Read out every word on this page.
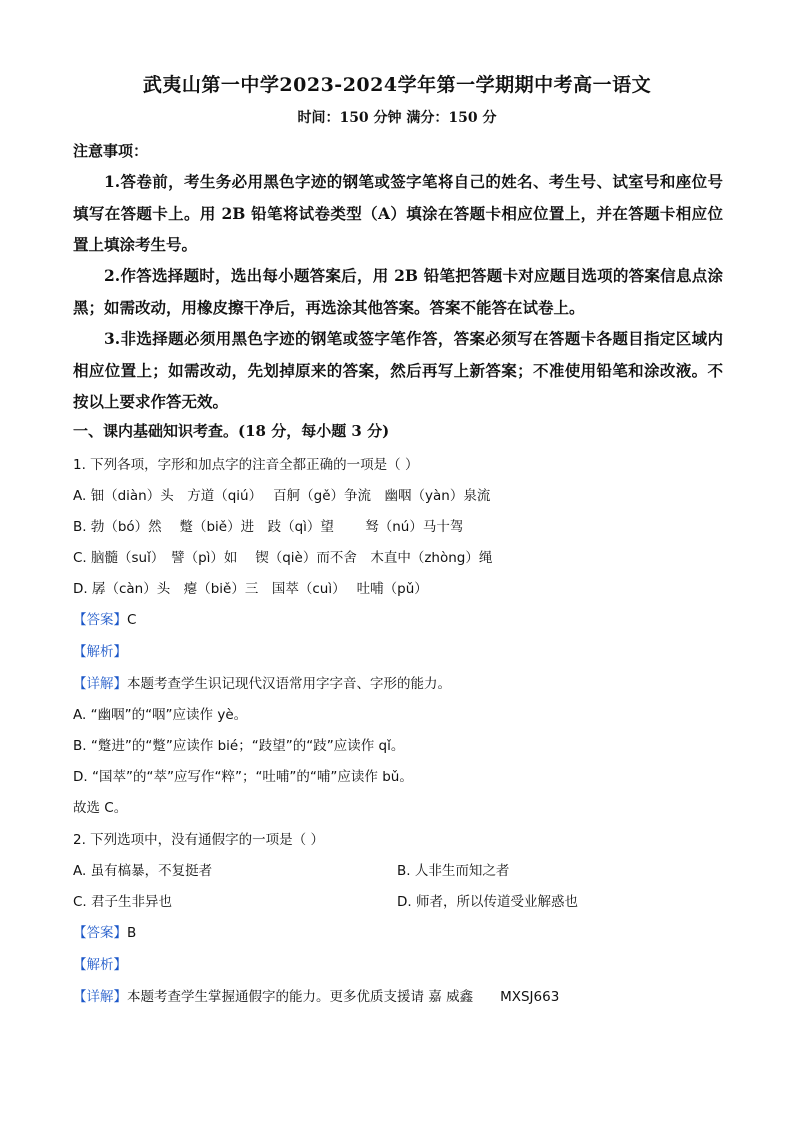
武夷山第一中学2023-2024学年第一学期期中考高一语文
时间：150 分钟 满分：150 分
注意事项：
1.答卷前，考生务必用黑色字迹的钢笔或签字笔将自己的姓名、考生号、试室号和座位号填写在答题卡上。用 2B 铅笔将试卷类型（A）填涂在答题卡相应位置上，并在答题卡相应位置上填涂考生号。
2.作答选择题时，选出每小题答案后，用 2B 铅笔把答题卡对应题目选项的答案信息点涂黑；如需改动，用橡皮擦干净后，再选涂其他答案。答案不能答在试卷上。
3.非选择题必须用黑色字迹的钢笔或签字笔作答，答案必须写在答题卡各题目指定区域内相应位置上；如需改动，先划掉原来的答案，然后再写上新答案；不准使用铅笔和涂改液。不按以上要求作答无效。
一、课内基础知识考查。(18 分，每小题 3 分)
1. 下列各项，字形和加点字的注音全都正确的一项是（ ）
A. 钿（diàn）头　方道（qiú）　 百舸（gě）争流　幽咽（yàn）泉流
B. 勃（bó）然　 蹩（biě）进　跂（qì）望　　 驽（nú）马十驾
C. 脑髓（suǐ）　譬（pì）如　 锲（qiè）而不舍　木直中（zhòng）绳
D. 孱（càn）头　瘪（biě）三　国萃（cuì）　 吐哺（pǔ）
【答案】C
【解析】
【详解】本题考查学生识记现代汉语常用字字音、字形的能力。
A. “幽咽”的“咽”应读作 yè。
B. “蹩进”的“蹩”应读作 bié；“跂望”的“跂”应读作 qǐ。
D. “国萃”的“萃”应写作“粹”；“吐哺”的“哺”应读作 bǔ。
故选 C。
2. 下列选项中，没有通假字的一项是（ ）
A. 虽有槁暴，不复挺者	B. 人非生而知之者
C. 君子生非异也	D. 师者，所以传道受业解惑也
【答案】B
【解析】
【详解】本题考查学生掌握通假字的能力。更多优质支援请 嘉 威鑫　　MXSJ663
